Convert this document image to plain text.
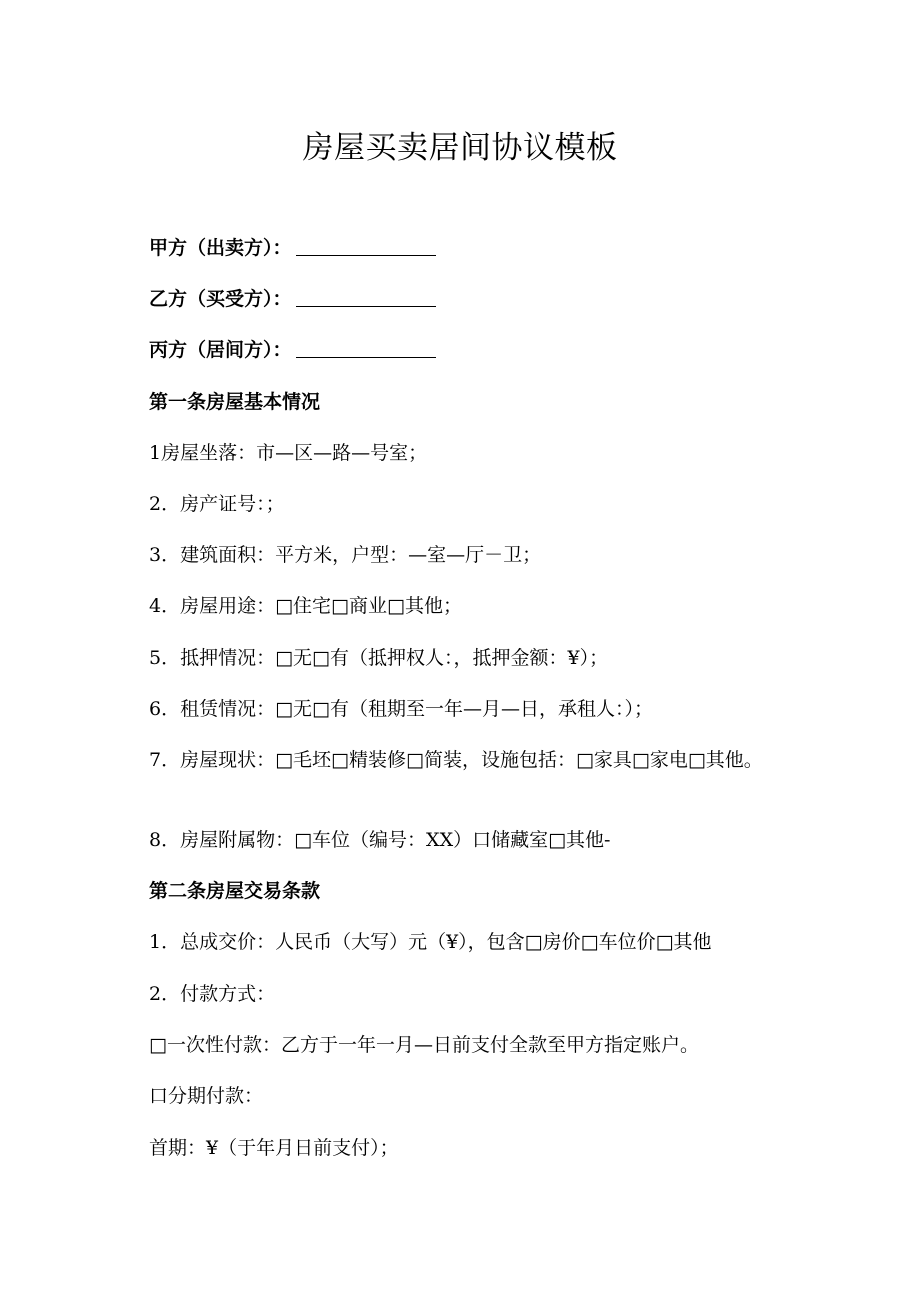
房屋买卖居间协议模板
甲方（出卖方）：
乙方（买受方）：
丙方（居间方）：
第一条房屋基本情况
1房屋坐落：市—区—路—号室；
2．房产证号：；
3．建筑面积：平方米，户型：—室—厅－卫；
4．房屋用途：□住宅□商业□其他；
5．抵押情况：□无□有（抵押权人：，抵押金额：¥）；
6．租赁情况：□无□有（租期至一年—月—日，承租人：）；
7．房屋现状：□毛坯□精装修□简装，设施包括：□家具□家电□其他。
8．房屋附属物：□车位（编号：XX）口储藏室□其他-
第二条房屋交易条款
1．总成交价：人民币（大写）元（¥），包含□房价□车位价□其他
2．付款方式：
□一次性付款：乙方于一年一月—日前支付全款至甲方指定账户。
口分期付款：
首期：¥（于年月日前支付）；
